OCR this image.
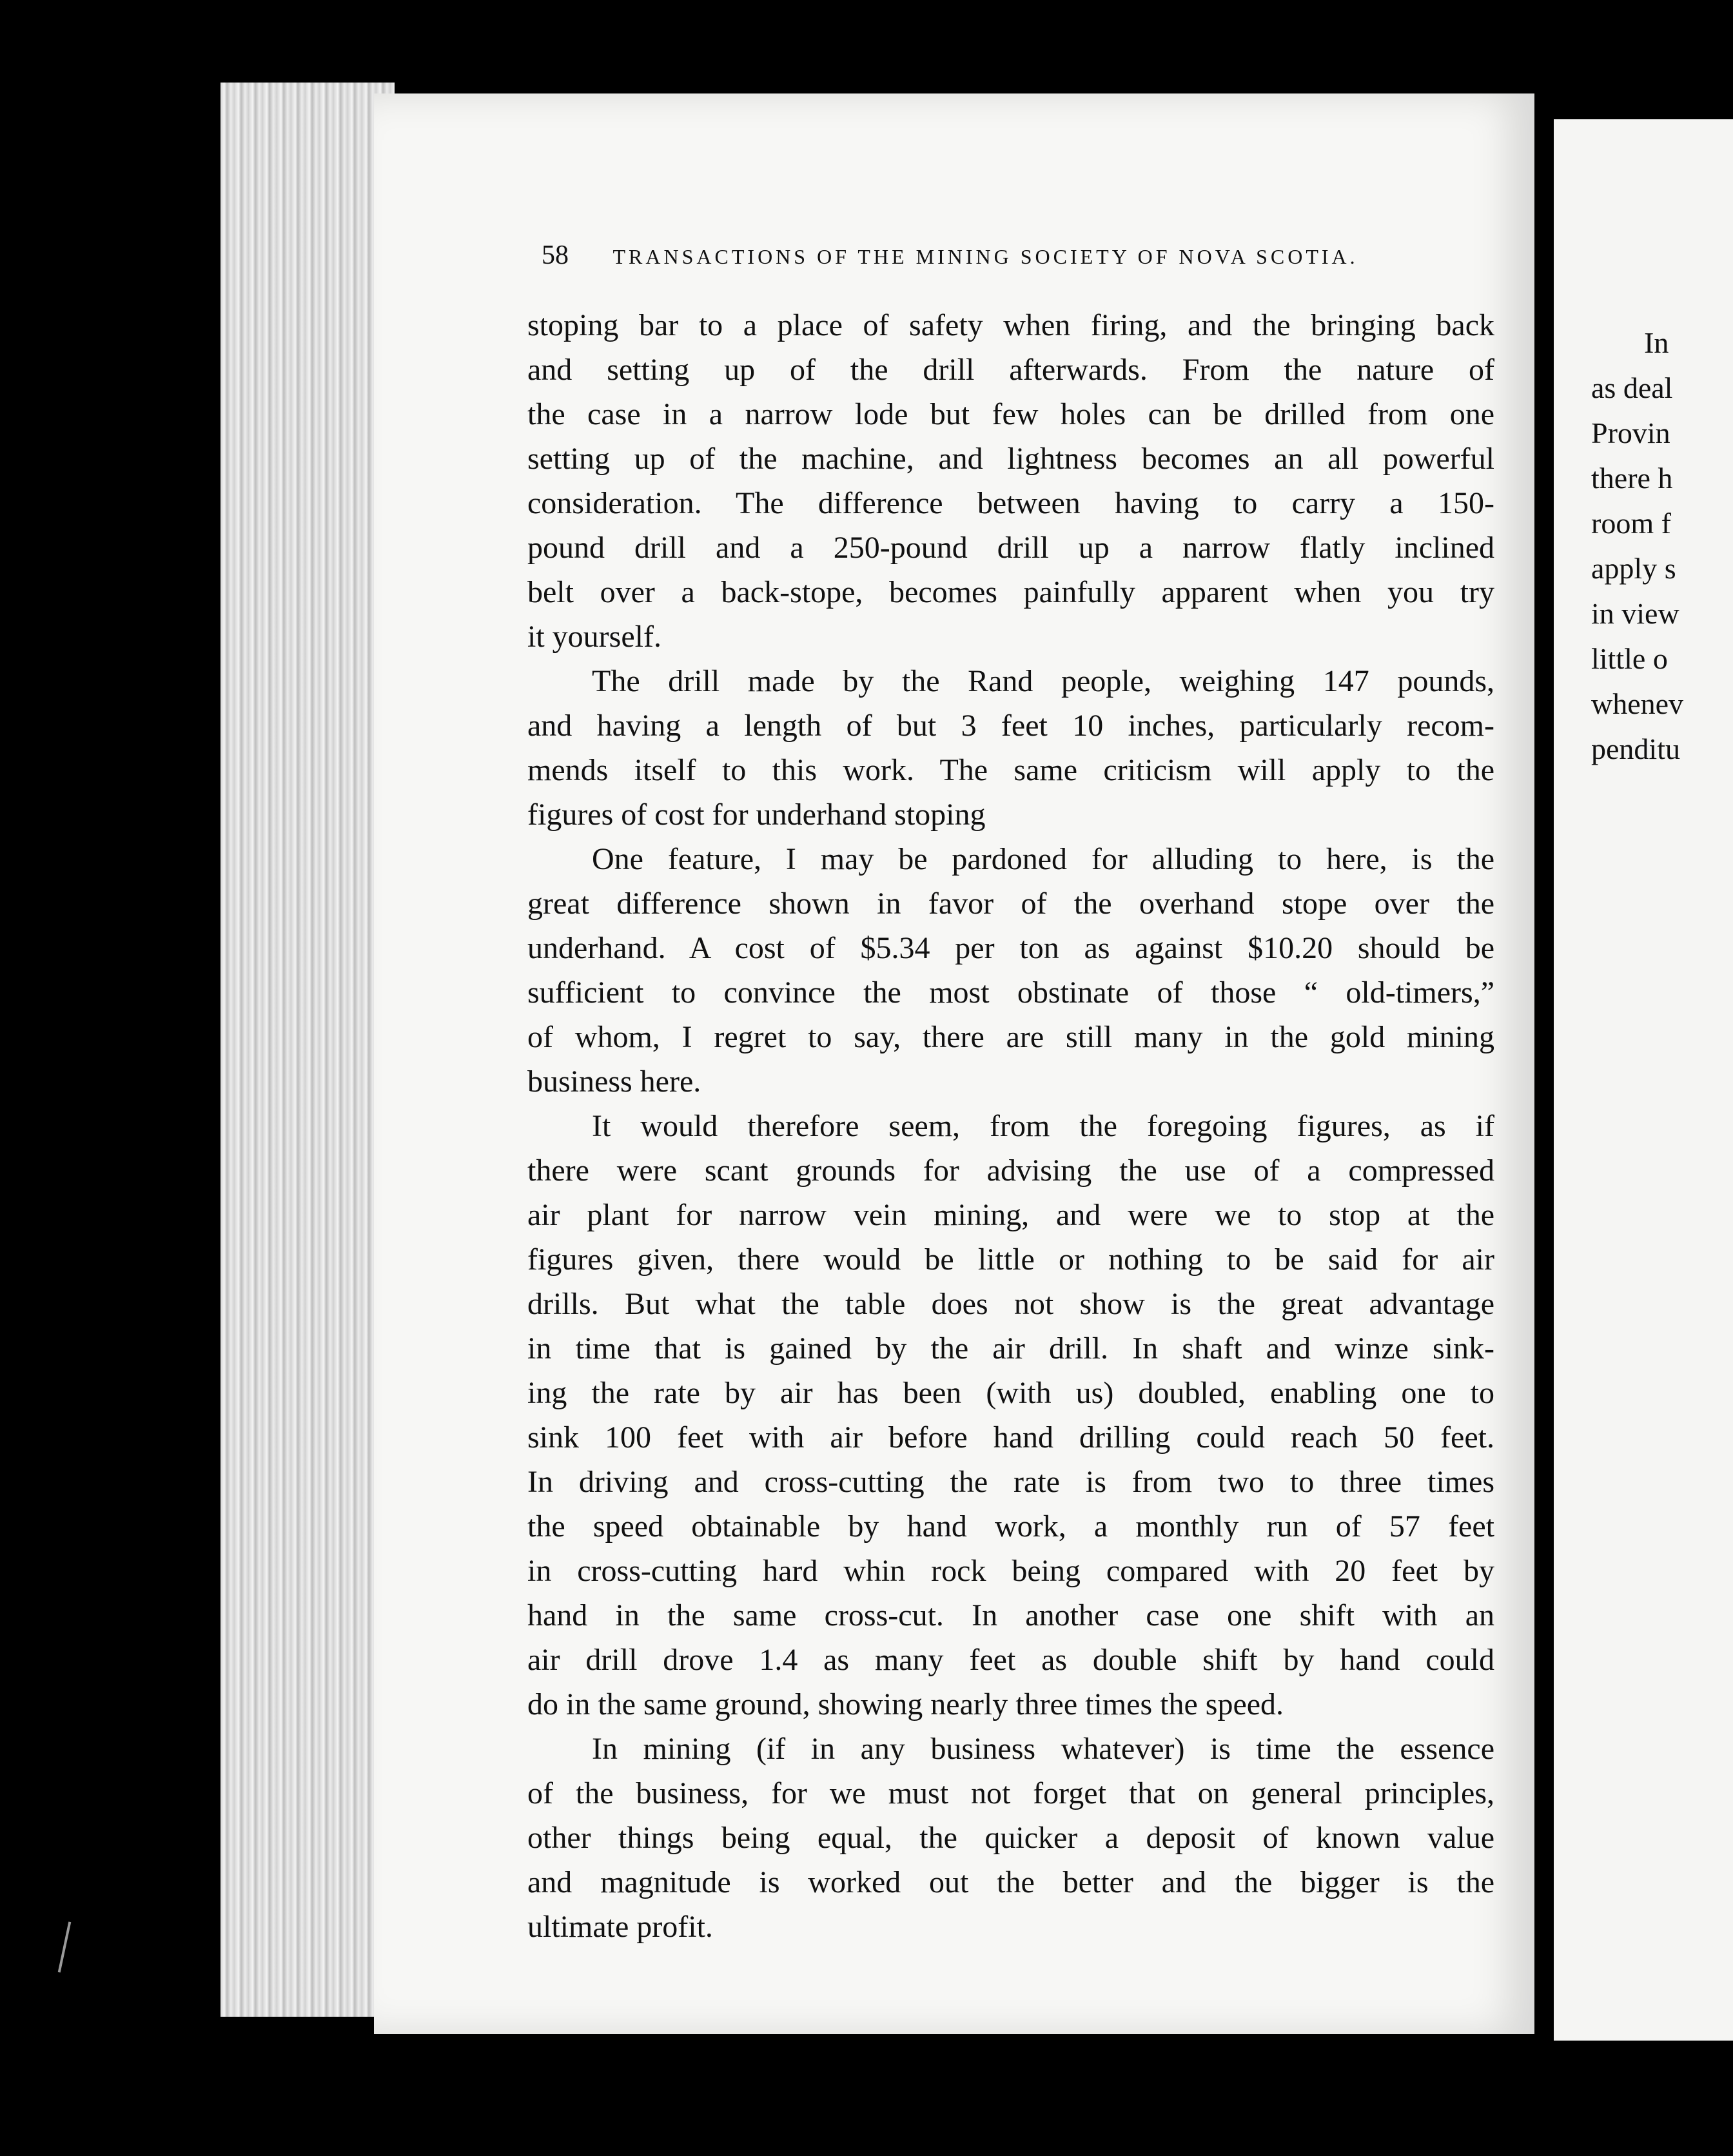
58 TRANSACTIONS OF THE MINING SOCIETY OF NOVA SCOTIA.
stoping bar to a place of safety when firing, and the bringing back
and setting up of the drill afterwards. From the nature of
the case in a narrow lode but few holes can be drilled from one
setting up of the machine, and lightness becomes an all powerful
consideration. The difference between having to carry a 150-
pound drill and a 250-pound drill up a narrow flatly inclined
belt over a back-stope, becomes painfully apparent when you try
it yourself.
The drill made by the Rand people, weighing 147 pounds,
and having a length of but 3 feet 10 inches, particularly recom-
mends itself to this work. The same criticism will apply to the
figures of cost for underhand stoping
One feature, I may be pardoned for alluding to here, is the
great difference shown in favor of the overhand stope over the
underhand. A cost of $5.34 per ton as against $10.20 should be
sufficient to convince the most obstinate of those “ old-timers,”
of whom, I regret to say, there are still many in the gold mining
business here.
It would therefore seem, from the foregoing figures, as if
there were scant grounds for advising the use of a compressed
air plant for narrow vein mining, and were we to stop at the
figures given, there would be little or nothing to be said for air
drills. But what the table does not show is the great advantage
in time that is gained by the air drill. In shaft and winze sink-
ing the rate by air has been (with us) doubled, enabling one to
sink 100 feet with air before hand drilling could reach 50 feet.
In driving and cross-cutting the rate is from two to three times
the speed obtainable by hand work, a monthly run of 57 feet
in cross-cutting hard whin rock being compared with 20 feet by
hand in the same cross-cut. In another case one shift with an
air drill drove 1.4 as many feet as double shift by hand could
do in the same ground, showing nearly three times the speed.
In mining (if in any business whatever) is time the essence
of the business, for we must not forget that on general principles,
other things being equal, the quicker a deposit of known value
and magnitude is worked out the better and the bigger is the
ultimate profit.
In
as deal
Provin
there h
room f
apply s
in view
little o
whenev
penditu
